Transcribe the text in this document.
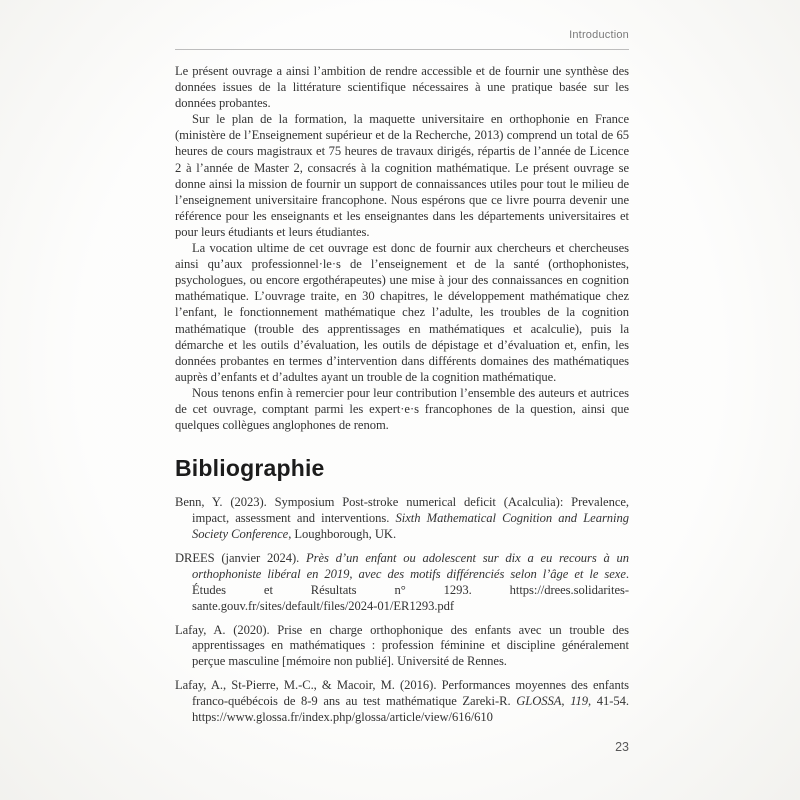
Introduction

Le présent ouvrage a ainsi l’ambition de rendre accessible et de fournir une synthèse des données issues de la littérature scientifique nécessaires à une pratique basée sur les données probantes.

Sur le plan de la formation, la maquette universitaire en orthophonie en France (ministère de l’Enseignement supérieur et de la Recherche, 2013) comprend un total de 65 heures de cours magistraux et 75 heures de travaux dirigés, répartis de l’année de Licence 2 à l’année de Master 2, consacrés à la cognition mathématique. Le présent ouvrage se donne ainsi la mission de fournir un support de connaissances utiles pour tout le milieu de l’enseignement universitaire francophone. Nous espérons que ce livre pourra devenir une référence pour les enseignants et les enseignantes dans les départements universitaires et pour leurs étudiants et leurs étudiantes.

La vocation ultime de cet ouvrage est donc de fournir aux chercheurs et chercheuses ainsi qu’aux professionnel·le·s de l’enseignement et de la santé (orthophonistes, psychologues, ou encore ergothérapeutes) une mise à jour des connaissances en cognition mathématique. L’ouvrage traite, en 30 chapitres, le développement mathématique chez l’enfant, le fonctionnement mathématique chez l’adulte, les troubles de la cognition mathématique (trouble des apprentissages en mathématiques et acalculie), puis la démarche et les outils d’évaluation, les outils de dépistage et d’évaluation et, enfin, les données probantes en termes d’intervention dans différents domaines des mathématiques auprès d’enfants et d’adultes ayant un trouble de la cognition mathématique.

Nous tenons enfin à remercier pour leur contribution l’ensemble des auteurs et autrices de cet ouvrage, comptant parmi les expert·e·s francophones de la question, ainsi que quelques collègues anglophones de renom.

Bibliographie

Benn, Y. (2023). Symposium Post-stroke numerical deficit (Acalculia): Prevalence, impact, assessment and interventions. Sixth Mathematical Cognition and Learning Society Conference, Loughborough, UK.

DREES (janvier 2024). Près d’un enfant ou adolescent sur dix a eu recours à un orthophoniste libéral en 2019, avec des motifs différenciés selon l’âge et le sexe. Études et Résultats n° 1293. https://drees.solidarites-sante.gouv.fr/sites/default/files/2024-01/ER1293.pdf

Lafay, A. (2020). Prise en charge orthophonique des enfants avec un trouble des apprentissages en mathématiques : profession féminine et discipline généralement perçue masculine [mémoire non publié]. Université de Rennes.

Lafay, A., St-Pierre, M.-C., & Macoir, M. (2016). Performances moyennes des enfants franco-québécois de 8-9 ans au test mathématique Zareki-R. GLOSSA, 119, 41-54. https://www.glossa.fr/index.php/glossa/article/view/616/610

23
